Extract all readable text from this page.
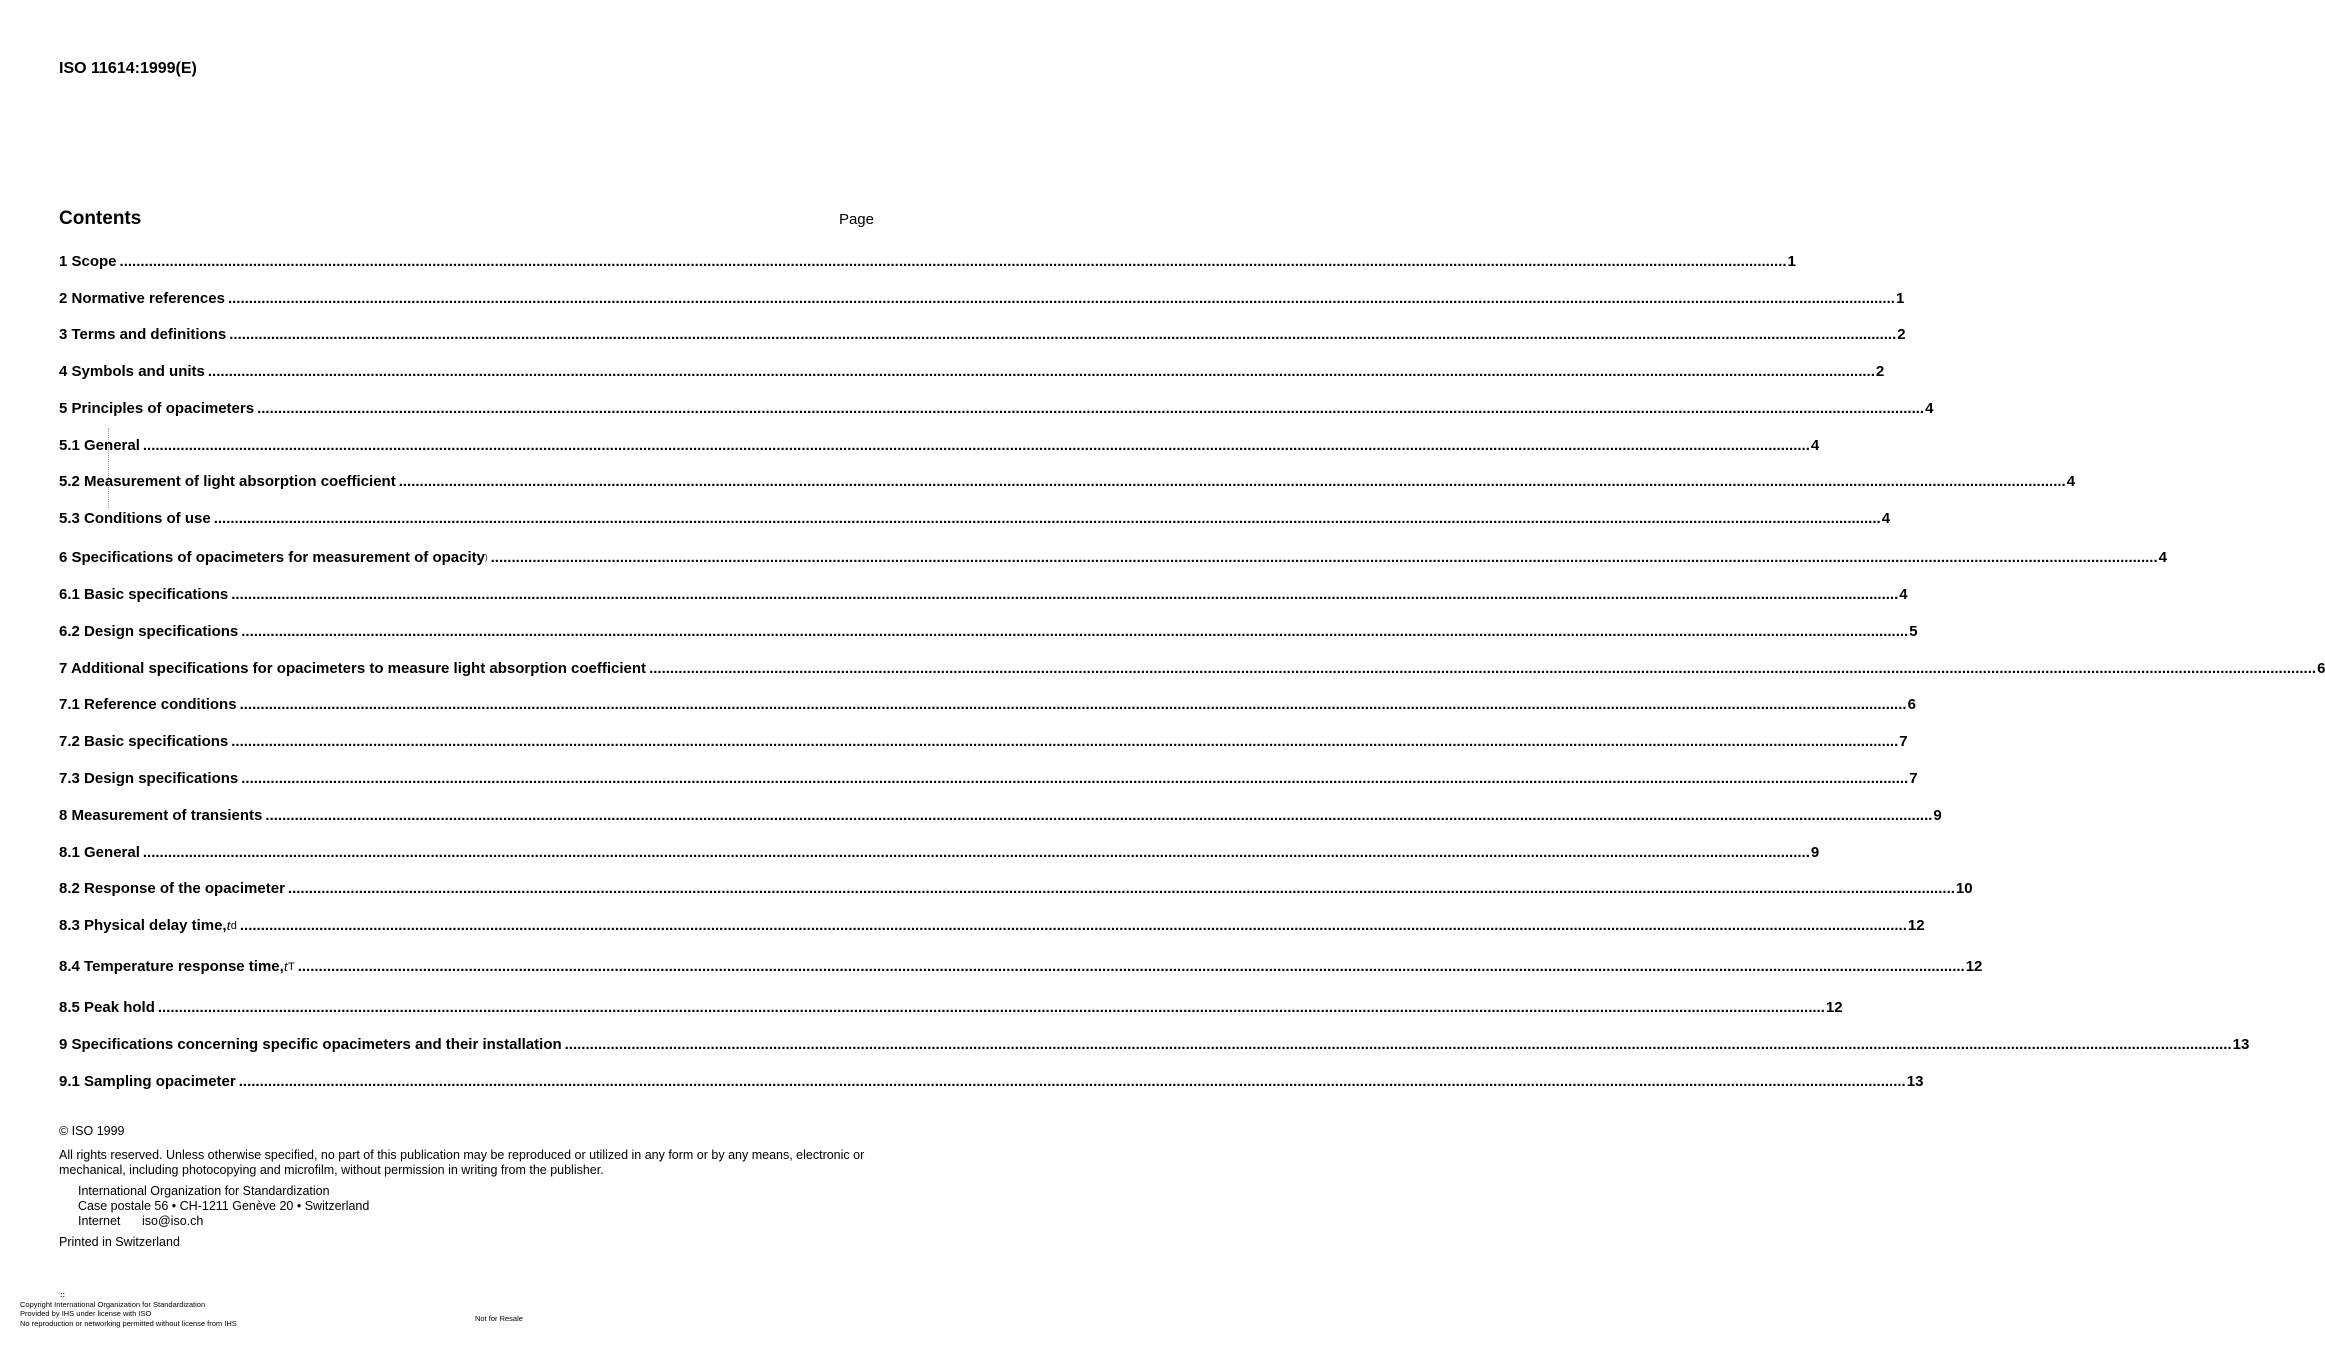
ISO 11614:1999(E)
Contents	Page
1 Scope ................................................................................................................................................................................................................................................................................................................................................................................................................ 1
2 Normative references ................................................................................................................................................................................................................................................................................................................................................................................................................ 1
3 Terms and definitions ................................................................................................................................................................................................................................................................................................................................................................................................................ 2
4 Symbols and units ................................................................................................................................................................................................................................................................................................................................................................................................................ 2
5 Principles of opacimeters ................................................................................................................................................................................................................................................................................................................................................................................................................ 4
5.1 General ................................................................................................................................................................................................................................................................................................................................................................................................................ 4
5.2 Measurement of light absorption coefficient ................................................................................................................................................................................................................................................................................................................................................................................................................ 4
5.3 Conditions of use ................................................................................................................................................................................................................................................................................................................................................................................................................ 4
6 Specifications of opacimeters for measurement of opacity ) ................................................................................................................................................................................................................................................................................................................................................................................................................ 4
6.1 Basic specifications ................................................................................................................................................................................................................................................................................................................................................................................................................ 4
6.2 Design specifications ................................................................................................................................................................................................................................................................................................................................................................................................................ 5
7 Additional specifications for opacimeters to measure light absorption coefficient ................................................................................................................................................................................................................................................................................................................................................................................................................ 6
7.1 Reference conditions ................................................................................................................................................................................................................................................................................................................................................................................................................ 6
7.2 Basic specifications ................................................................................................................................................................................................................................................................................................................................................................................................................ 7
7.3 Design specifications ................................................................................................................................................................................................................................................................................................................................................................................................................ 7
8 Measurement of transients ................................................................................................................................................................................................................................................................................................................................................................................................................ 9
8.1 General ................................................................................................................................................................................................................................................................................................................................................................................................................ 9
8.2 Response of the opacimeter ................................................................................................................................................................................................................................................................................................................................................................................................................ 10
8.3 Physical delay time, t d ................................................................................................................................................................................................................................................................................................................................................................................................................ 12
8.4 Temperature response time, t T ................................................................................................................................................................................................................................................................................................................................................................................................................ 12
8.5 Peak hold ................................................................................................................................................................................................................................................................................................................................................................................................................ 12
9 Specifications concerning specific opacimeters and their installation ................................................................................................................................................................................................................................................................................................................................................................................................................ 13
9.1 Sampling opacimeter ................................................................................................................................................................................................................................................................................................................................................................................................................ 13

© ISO 1999

All rights reserved. Unless otherwise specified, no part of this publication may be reproduced or utilized in any form or by any means, electronic or mechanical, including photocopying and microfilm, without permission in writing from the publisher.

International Organization for Standardization

Case postale 56 • CH-1211 Genève 20 • Switzerland

Internet iso@iso.ch

Printed in Switzerland

::

Copyright International Organization for Standardization

Provided by IHS under license with ISO

No reproduction or networking permitted without license from IHS	Not for Resale
